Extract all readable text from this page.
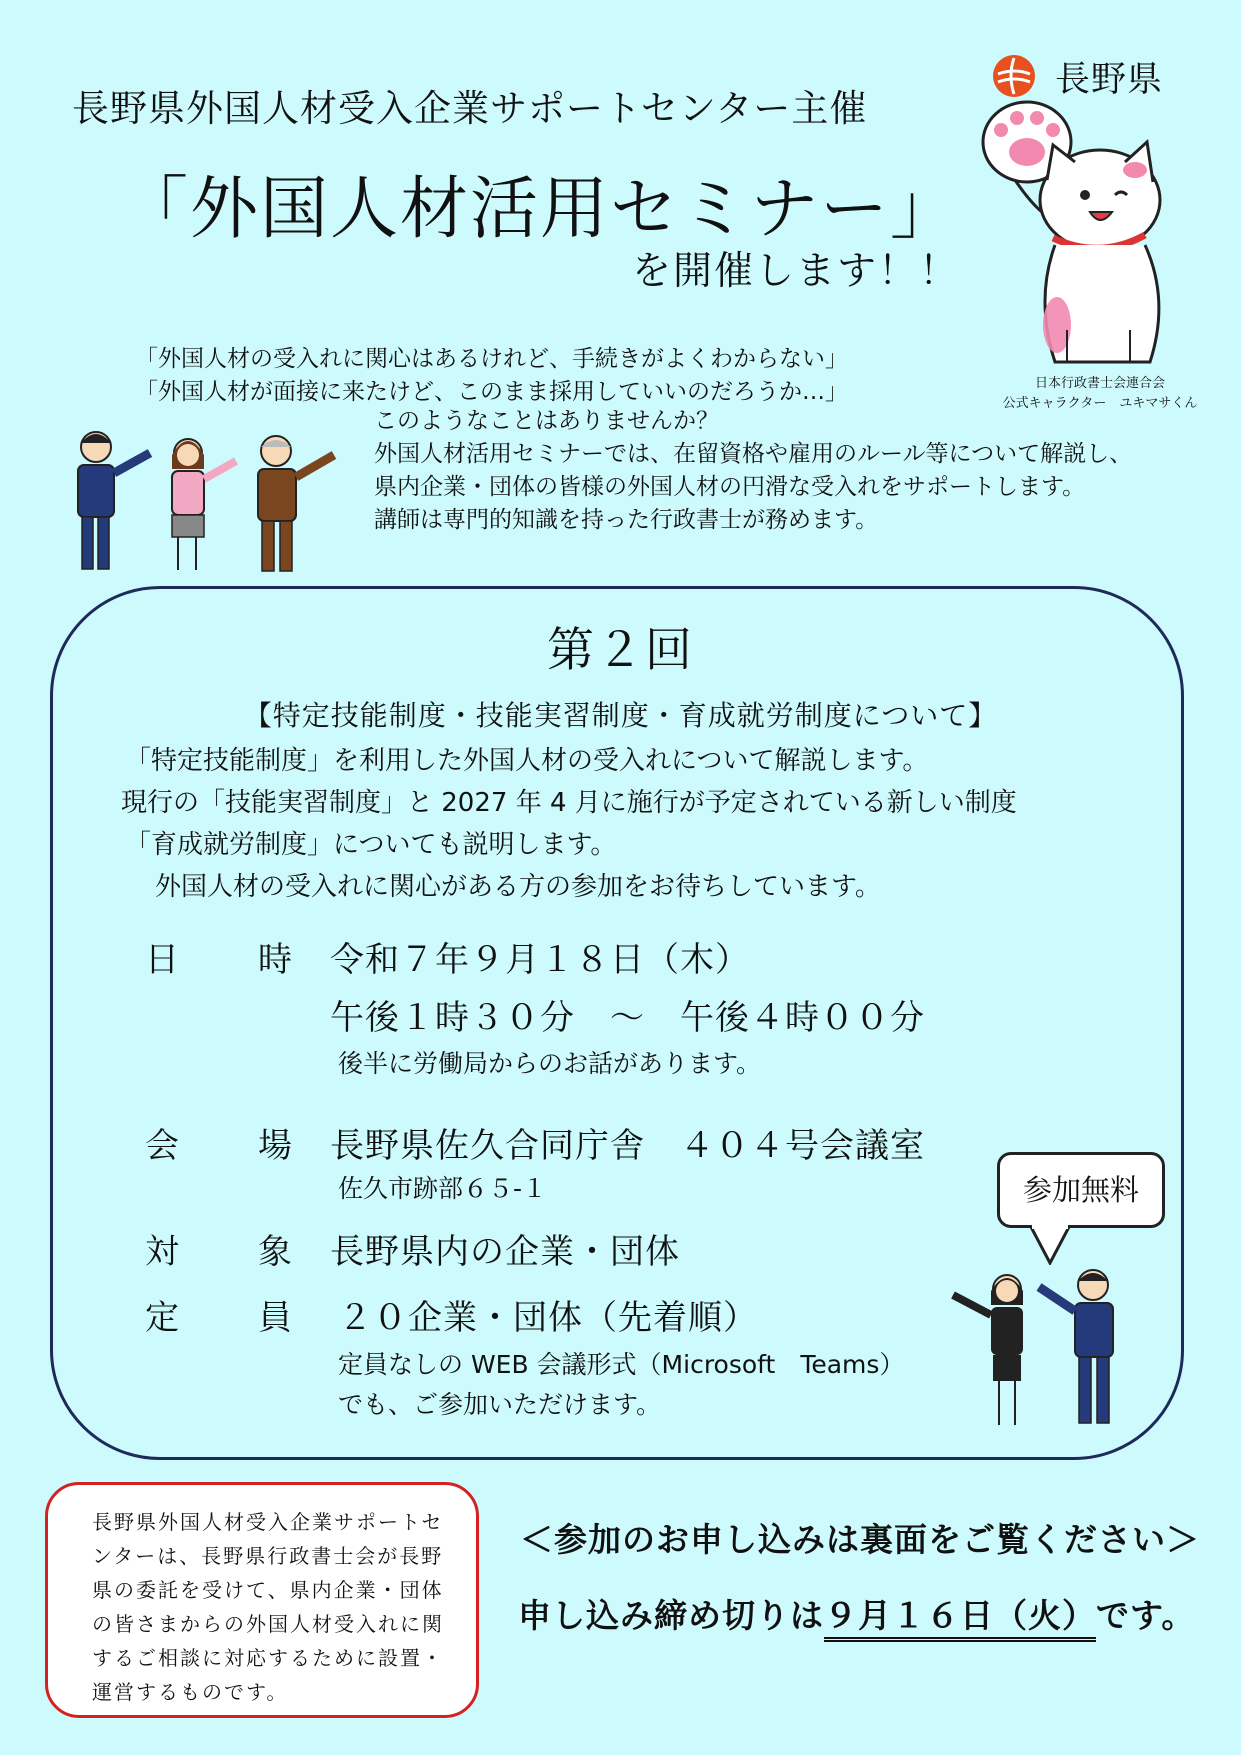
長野県外国人材受入企業サポートセンター主催
「外国人材活用セミナー」
を開催します！！
長野県
日本行政書士会連合会
公式キャラクター　ユキマサくん
「外国人材の受入れに関心はあるけれど、手続きがよくわからない」
「外国人材が面接に来たけど、このまま採用していいのだろうか…」

このようなことはありませんか？

外国人材活用セミナーでは、在留資格や雇用のルール等について解説し、県内企業・団体の皆様の外国人材の円滑な受入れをサポートします。

講師は専門的知識を持った行政書士が務めます。

第２回
【特定技能制度・技能実習制度・育成就労制度について】

「特定技能制度」を利用した外国人材の受入れについて解説します。

現行の「技能実習制度」と 2027 年 4 月に施行が予定されている新しい制度

「育成就労制度」についても説明します。

外国人材の受入れに関心がある方の参加をお待ちしています。

日 時 令和７年９月１８日（木）
午後１時３０分　～　午後４時００分
後半に労働局からのお話があります。
会 場 長野県佐久合同庁舎　４０４号会議室
佐久市跡部６５-１
対 象 長野県内の企業・団体
定 員 ２０企業・団体（先着順）
定員なしの WEB 会議形式（Microsoft　Teams）
でも、ご参加いただけます。
参加無料
長野県外国人材受入企業サポートセンターは、長野県行政書士会が長野県の委託を受けて、県内企業・団体の皆さまからの外国人材受入れに関するご相談に対応するために設置・運営するものです。
＜参加のお申し込みは裏面をご覧ください＞
申し込み締め切りは９月１６日（火）です。
